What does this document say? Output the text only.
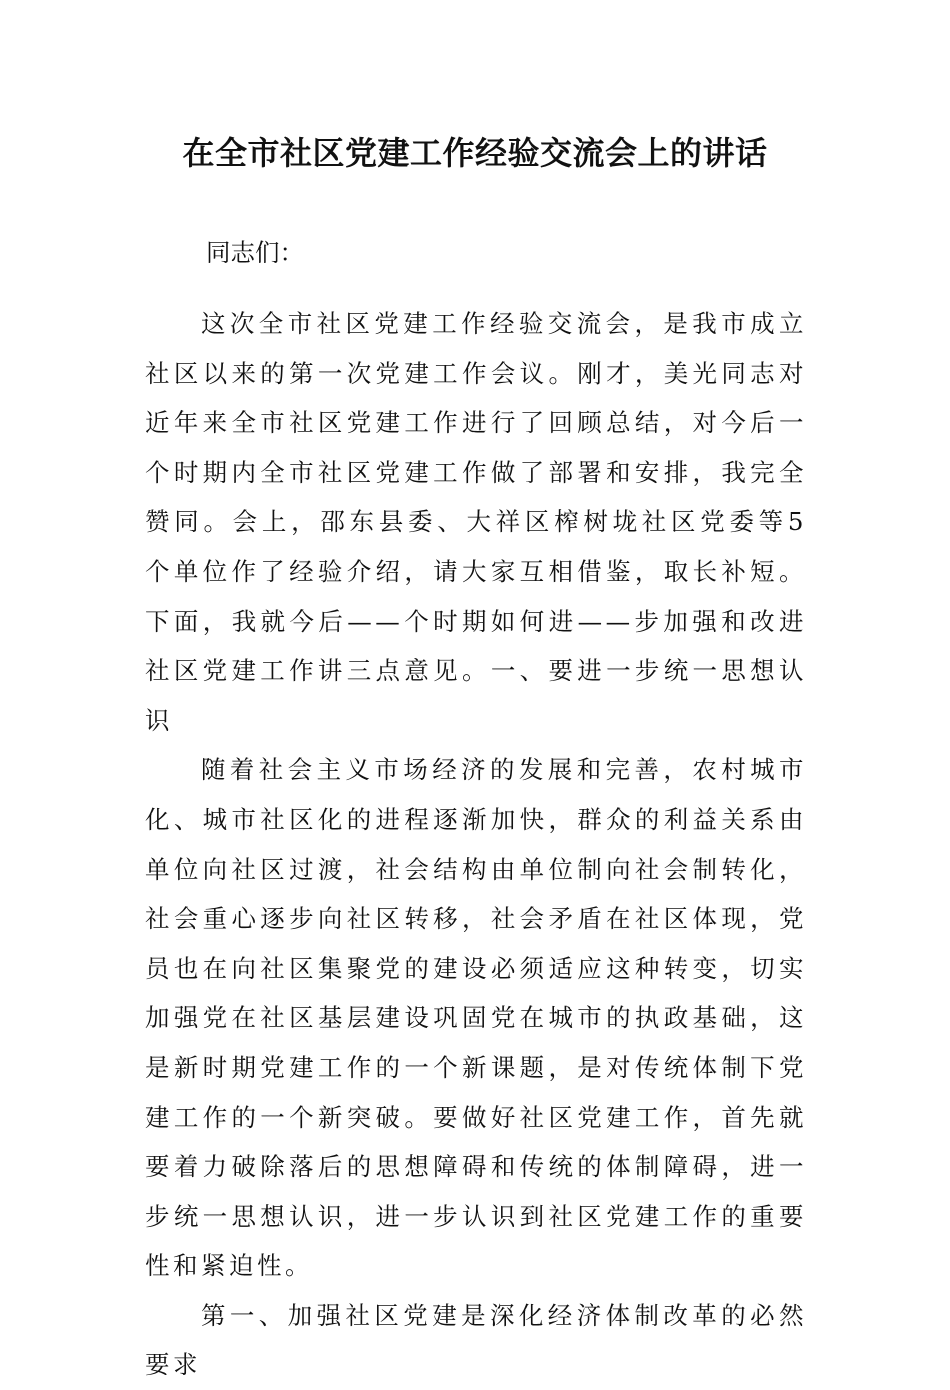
在全市社区党建工作经验交流会上的讲话

同志们：

这次全市社区党建工作经验交流会，是我市成立社区以来的第一次党建工作会议。刚才，美光同志对近年来全市社区党建工作进行了回顾总结，对今后一个时期内全市社区党建工作做了部署和安排，我完全赞同。会上，邵东县委、大祥区榨树垅社区党委等5个单位作了经验介绍，请大家互相借鉴，取长补短。下面，我就今后——个时期如何进——步加强和改进社区党建工作讲三点意见。一、要进一步统一思想认识

随着社会主义市场经济的发展和完善，农村城市化、城市社区化的进程逐渐加快，群众的利益关系由单位向社区过渡，社会结构由单位制向社会制转化，社会重心逐步向社区转移，社会矛盾在社区体现，党员也在向社区集聚党的建设必须适应这种转变，切实加强党在社区基层建设巩固党在城市的执政基础，这是新时期党建工作的一个新课题，是对传统体制下党建工作的一个新突破。要做好社区党建工作，首先就要着力破除落后的思想障碍和传统的体制障碍，进一步统一思想认识，进一步认识到社区党建工作的重要性和紧迫性。

第一、加强社区党建是深化经济体制改革的必然要求
